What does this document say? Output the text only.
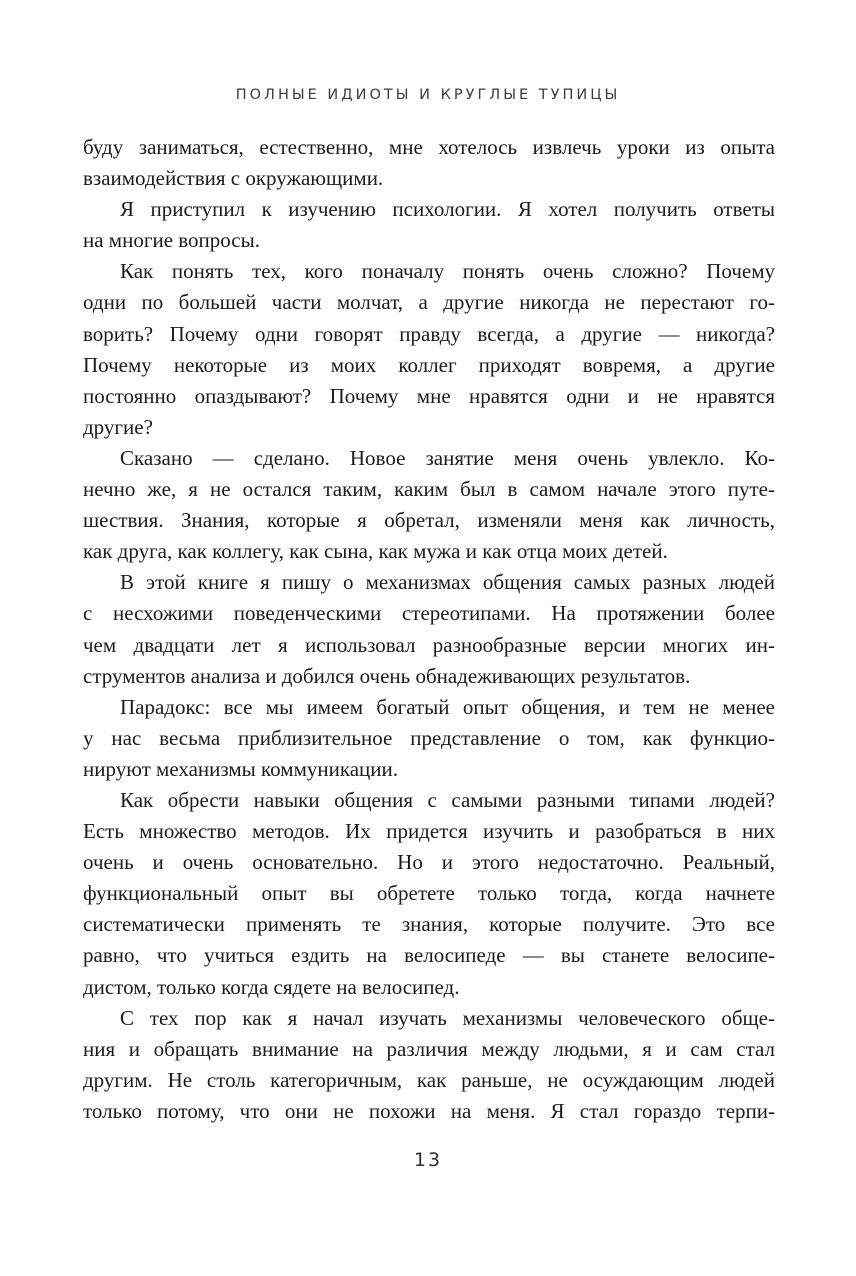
ПОЛНЫЕ ИДИОТЫ И КРУГЛЫЕ ТУПИЦЫ
буду заниматься, естественно, мне хотелось извлечь уроки из опыта
взаимодействия с окружающими.
Я приступил к изучению психологии. Я хотел получить ответы
на многие вопросы.
Как понять тех, кого поначалу понять очень сложно? Почему
одни по большей части молчат, а другие никогда не перестают го-
ворить? Почему одни говорят правду всегда, а другие — никогда?
Почему некоторые из моих коллег приходят вовремя, а другие
постоянно опаздывают? Почему мне нравятся одни и не нравятся
другие?
Сказано — сделано. Новое занятие меня очень увлекло. Ко-
нечно же, я не остался таким, каким был в самом начале этого путе-
шествия. Знания, которые я обретал, изменяли меня как личность,
как друга, как коллегу, как сына, как мужа и как отца моих детей.
В этой книге я пишу о механизмах общения самых разных людей
с несхожими поведенческими стереотипами. На протяжении более
чем двадцати лет я использовал разнообразные версии многих ин-
струментов анализа и добился очень обнадеживающих результатов.
Парадокс: все мы имеем богатый опыт общения, и тем не менее
у нас весьма приблизительное представление о том, как функцио-
нируют механизмы коммуникации.
Как обрести навыки общения с самыми разными типами людей?
Есть множество методов. Их придется изучить и разобраться в них
очень и очень основательно. Но и этого недостаточно. Реальный,
функциональный опыт вы обретете только тогда, когда начнете
систематически применять те знания, которые получите. Это все
равно, что учиться ездить на велосипеде — вы станете велосипе-
дистом, только когда сядете на велосипед.
С тех пор как я начал изучать механизмы человеческого обще-
ния и обращать внимание на различия между людьми, я и сам стал
другим. Не столь категоричным, как раньше, не осуждающим людей
только потому, что они не похожи на меня. Я стал гораздо терпи-
13
